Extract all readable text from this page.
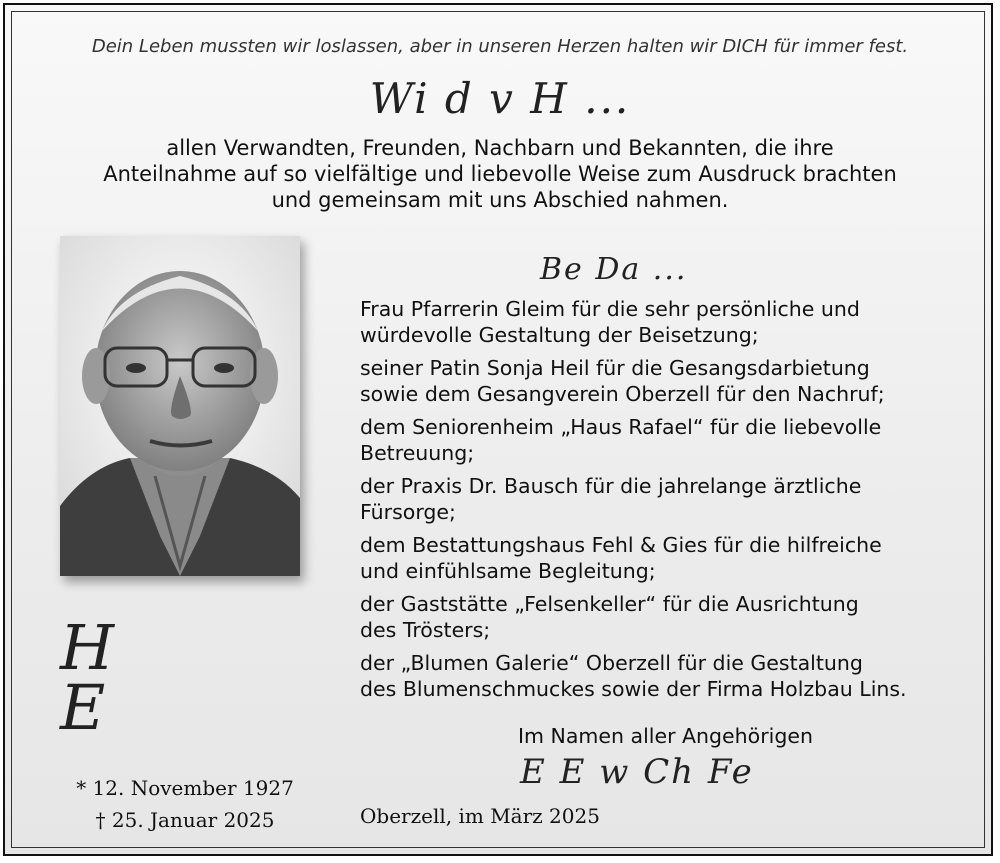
Dein Leben mussten wir loslassen, aber in unseren Herzen halten wir DICH für immer fest.
Wi d v H ...
allen Verwandten, Freunden, Nachbarn und Bekannten, die ihre
Anteilnahme auf so vielfältige und liebevolle Weise zum Ausdruck brachten
und gemeinsam mit uns Abschied nahmen.
Be Da ...
Frau Pfarrerin Gleim für die sehr persönliche und
würdevolle Gestaltung der Beisetzung;
seiner Patin Sonja Heil für die Gesangsdarbietung
sowie dem Gesangverein Oberzell für den Nachruf;
dem Seniorenheim „Haus Rafael“ für die liebevolle
Betreuung;
der Praxis Dr. Bausch für die jahrelange ärztliche
Fürsorge;
dem Bestattungshaus Fehl & Gies für die hilfreiche
und einfühlsame Begleitung;
der Gaststätte „Felsenkeller“ für die Ausrichtung
des Trösters;
der „Blumen Galerie“ Oberzell für die Gestaltung
des Blumenschmuckes sowie der Firma Holzbau Lins.
H
E
* 12. November 1927
† 25. Januar 2025
Im Namen aller Angehörigen
E E w Ch Fe
Oberzell, im März 2025
